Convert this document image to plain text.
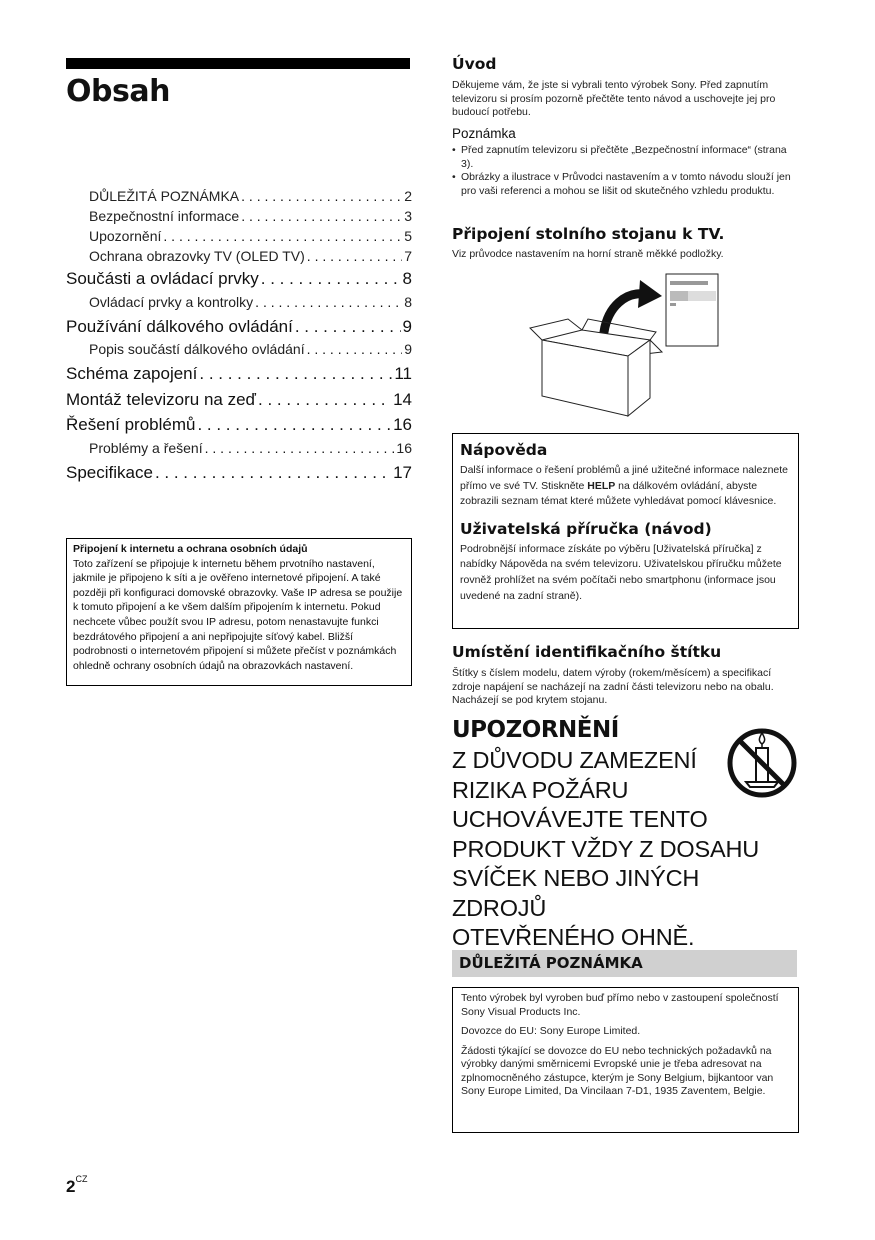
Obsah
DŮLEŽITÁ POZNÁMKA . . .	2
Bezpečnostní informace . . .	3
Upozornění . . .	5
Ochrana obrazovky TV (OLED TV) . . .	7
Součásti a ovládací prvky . . .	8
Ovládací prvky a kontrolky . . .	8
Používání dálkového ovládání . . .	9
Popis součástí dálkového ovládání . . .	9
Schéma zapojení . . .	11
Montáž televizoru na zeď . . .	14
Řešení problémů . . .	16
Problémy a řešení . . .	16
Specifikace . . .	17
Připojení k internetu a ochrana osobních údajů
Toto zařízení se připojuje k internetu během prvotního nastavení, jakmile je připojeno k síti a je ověřeno internetové připojení. A také později při konfiguraci domovské obrazovky. Vaše IP adresa se použije k tomuto připojení a ke všem dalším připojením k internetu. Pokud nechcete vůbec použít svou IP adresu, potom nenastavujte funkci bezdrátového připojení a ani nepřipojujte síťový kabel. Bližší podrobnosti o internetovém připojení si můžete přečíst v poznámkách ohledně ochrany osobních údajů na obrazovkách nastavení.
Úvod
Děkujeme vám, že jste si vybrali tento výrobek Sony. Před zapnutím televizoru si prosím pozorně přečtěte tento návod a uschovejte jej pro budoucí potřebu.
Poznámka
• Před zapnutím televizoru si přečtěte „Bezpečnostní informace“ (strana 3).
• Obrázky a ilustrace v Průvodci nastavením a v tomto návodu slouží jen pro vaši referenci a mohou se lišit od skutečného vzhledu produktu.
Připojení stolního stojanu k TV.
Viz průvodce nastavením na horní straně měkké podložky.
Nápověda
Další informace o řešení problémů a jiné užitečné informace naleznete přímo ve své TV. Stiskněte HELP na dálkovém ovládání, abyste zobrazili seznam témat které můžete vyhledávat pomocí klávesnice.
Uživatelská příručka (návod)
Podrobnější informace získáte po výběru [Uživatelská příručka] z nabídky Nápověda na svém televizoru. Uživatelskou příručku můžete rovněž prohlížet na svém počítači nebo smartphonu (informace jsou uvedené na zadní straně).
Umístění identifikačního štítku
Štítky s číslem modelu, datem výroby (rokem/měsícem) a specifikací zdroje napájení se nacházejí na zadní části televizoru nebo na obalu. Nacházejí se pod krytem stojanu.
UPOZORNĚNÍ
Z DŮVODU ZAMEZENÍ
RIZIKA POŽÁRU
UCHOVÁVEJTE TENTO
PRODUKT VŽDY Z DOSAHU
SVÍČEK NEBO JINÝCH ZDROJŮ
OTEVŘENÉHO OHNĚ.
DŮLEŽITÁ POZNÁMKA

Tento výrobek byl vyroben buď přímo nebo v zastoupení společností Sony Visual Products Inc.

Dovozce do EU: Sony Europe Limited.

Žádosti týkající se dovozce do EU nebo technických požadavků na výrobky danými směrnicemi Evropské unie je třeba adresovat na zplnomocněného zástupce, kterým je Sony Belgium, bijkantoor van Sony Europe Limited, Da Vincilaan 7-D1, 1935 Zaventem, Belgie.

$2^{CZ}$
